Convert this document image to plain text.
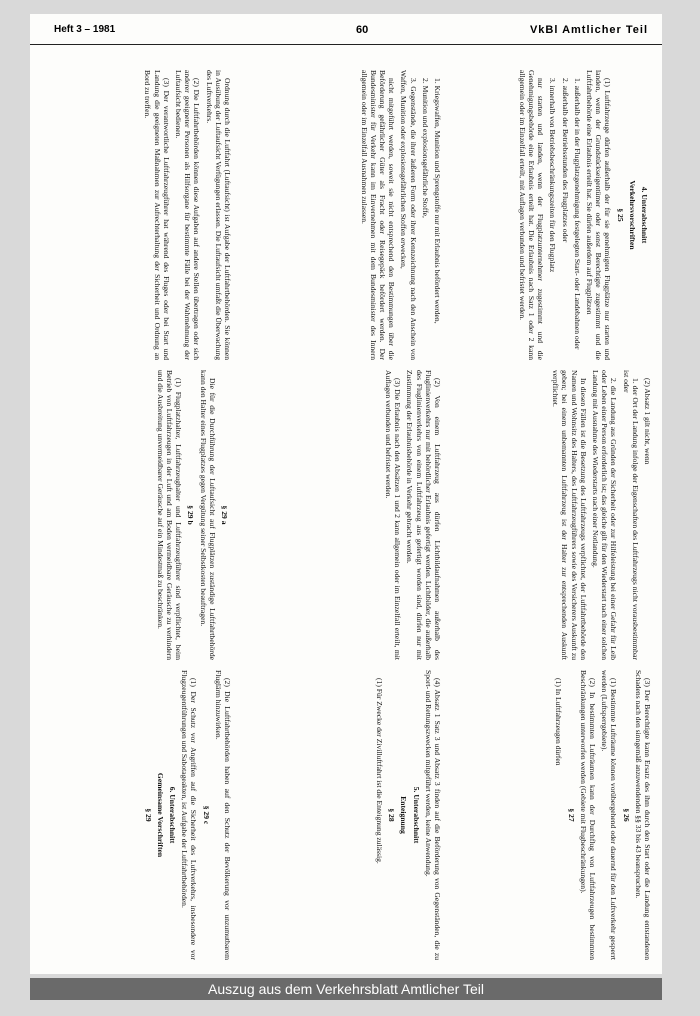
Heft 3 – 1981	60	VkBl Amtlicher Teil

4. Unterabschnitt

Verkehrsvorschriften

§ 25

(1) Luftfahrzeuge dürfen außerhalb der für sie genehmigten Flugplätze nur starten und landen, wenn der Grundstückseigentümer oder sonst Berechtigte zugestimmt und die Luftfahrtbehörde eine Erlaubnis erteilt hat. Sie dürfen außerdem auf Flugplätzen

1. außerhalb der in der Flugplatzgenehmigung festgelegten Start- oder Landebahnen oder

2. außerhalb der Betriebsstunden des Flugplatzes oder

3. innerhalb von Betriebsbeschränkungszeiten für den Flugplatz

nur starten und landen, wenn der Flugplatzunternehmer zugestimmt und die Genehmigungsbehörde eine Erlaubnis erteilt hat. Die Erlaubnis nach Satz 1 oder 2 kann allgemein oder im Einzelfall erteilt, mit Auflagen verbunden und befristet werden.

(2) Absatz 1 gilt nicht, wenn

1. der Ort der Landung infolge der Eigenschaften des Luftfahrzeugs nicht vorausbestimmbar ist oder

2. die Landung aus Gründen der Sicherheit oder zur Hilfeleistung bei einer Gefahr für Leib oder Leben einer Person erforderlich ist; das gleiche gilt für den Wiederstart nach einer solchen Landung mit Ausnahme des Wiederstarts nach einer Notlandung.

In diesen Fällen ist die Besetzung des Luftfahrzeugs verpflichtet, der Luftfahrtbehörde den Namen und Wohnsitz des Halters, des Luftfahrzeugführers sowie des Versicherers Auskunft zu geben; bei einem unbemannten Luftfahrzeug ist der Halter zur entsprechenden Auskunft verpflichtet.

(3) Der Berechtigte kann Ersatz des ihm durch den Start oder die Landung entstandenen Schadens nach den sinngemäß anzuwendenden §§ 33 bis 43 beanspruchen.

§ 26

(1) Bestimmte Lufträume können vorübergehend oder dauernd für den Luftverkehr gesperrt werden (Luftsperrgebiete).

(2) In bestimmten Lufträumen kann der Durchflug von Luftfahrzeugen bestimmten Beschränkungen unterworfen werden (Gebiete mit Flugbeschränkungen).

§ 27

(1) In Luftfahrzeugen dürfen

1. Kriegswaffen, Munition und Sprengstoffe nur mit Erlaubnis befördert werden,

2. Munition und explosionsgefährliche Stoffe,

3. Gegenstände, die ihrer äußeren Form oder ihrer Kennzeichnung nach den Anschein von Waffen, Munition oder explosionsgefährlichen Stoffen erwecken,

nicht mitgeführt werden, soweit sie nicht entsprechend den Bestimmungen über die Beförderung gefährlicher Güter als Fracht oder Reisegepäck befördert werden. Der Bundesminister für Verkehr kann im Einvernehmen mit dem Bundesminister des Innern allgemein oder im Einzelfall Ausnahmen zulassen.

(2) Von einem Luftfahrzeug aus dürfen Lichtbildaufnahmen außerhalb des Fluglinienverkehrs nur mit behördlicher Erlaubnis gefertigt werden. Lichtbilder, die außerhalb des Fluglinienverkehrs von einem Luftfahrzeug aus gefertigt worden sind, dürfen nur mit Zustimmung der Erlaubnisbehörde in Verkehr gebracht werden.

(3) Die Erlaubnis nach den Absätzen 1 und 2 kann allgemein oder im Einzelfall erteilt, mit Auflagen verbunden und befristet werden.

(4) Absatz 1 Satz 3 und Absatz 3 finden auf die Beförderung von Gegenständen, die zu Sport- und Rettungszwecken mitgeführt werden, keine Anwendung.

5. Unterabschnitt

Enteignung

§ 28

(1) Für Zwecke der Zivilluftfahrt ist die Enteignung zulässig.

Ordnung durch die Luftfahrt (Luftaufsicht) ist Aufgabe der Luftfahrtbehörden. Sie können in Ausübung der Luftaufsicht Verfügungen erlassen. Die Luftaufsicht umfaßt die Überwachung des Luftverkehrs.

(2) Die Luftfahrtbehörden können diese Aufgaben auf andere Stellen übertragen oder sich anderer geeigneter Personen als Hilfsorgane für bestimmte Fälle bei der Wahrnehmung der Luftaufsicht bedienen.

(3) Der verantwortliche Luftfahrzeugführer hat während des Fluges oder bei Start und Landung die geeigneten Maßnahmen zur Aufrechterhaltung der Sicherheit und Ordnung an Bord zu treffen.

§ 29 a

Die für die Durchführung der Luftaufsicht auf Flugplätzen zuständige Luftfahrtbehörde kann den Halter eines Flugplatzes gegen Vergütung seiner Selbstkosten beauftragen.

§ 29 b

(1) Flugplatzhalter, Luftfahrzeughalter und Luftfahrzeugführer sind verpflichtet, beim Betrieb von Luftfahrzeugen in der Luft und am Boden vermeidbare Geräusche zu verhindern und die Ausbreitung unvermeidbarer Geräusche auf ein Mindestmaß zu beschränken.

(2) Die Luftfahrtbehörden haben auf den Schutz der Bevölkerung vor unzumutbarem Fluglärm hinzuwirken.

§ 29 c

(1) Der Schutz vor Angriffen auf die Sicherheit des Luftverkehrs, insbesondere vor Flugzeugentführungen und Sabotageakten, ist Aufgabe der Luftfahrtbehörden.

6. Unterabschnitt

Gemeinsame Vorschriften

§ 29

Auszug aus dem Verkehrsblatt Amtlicher Teil
